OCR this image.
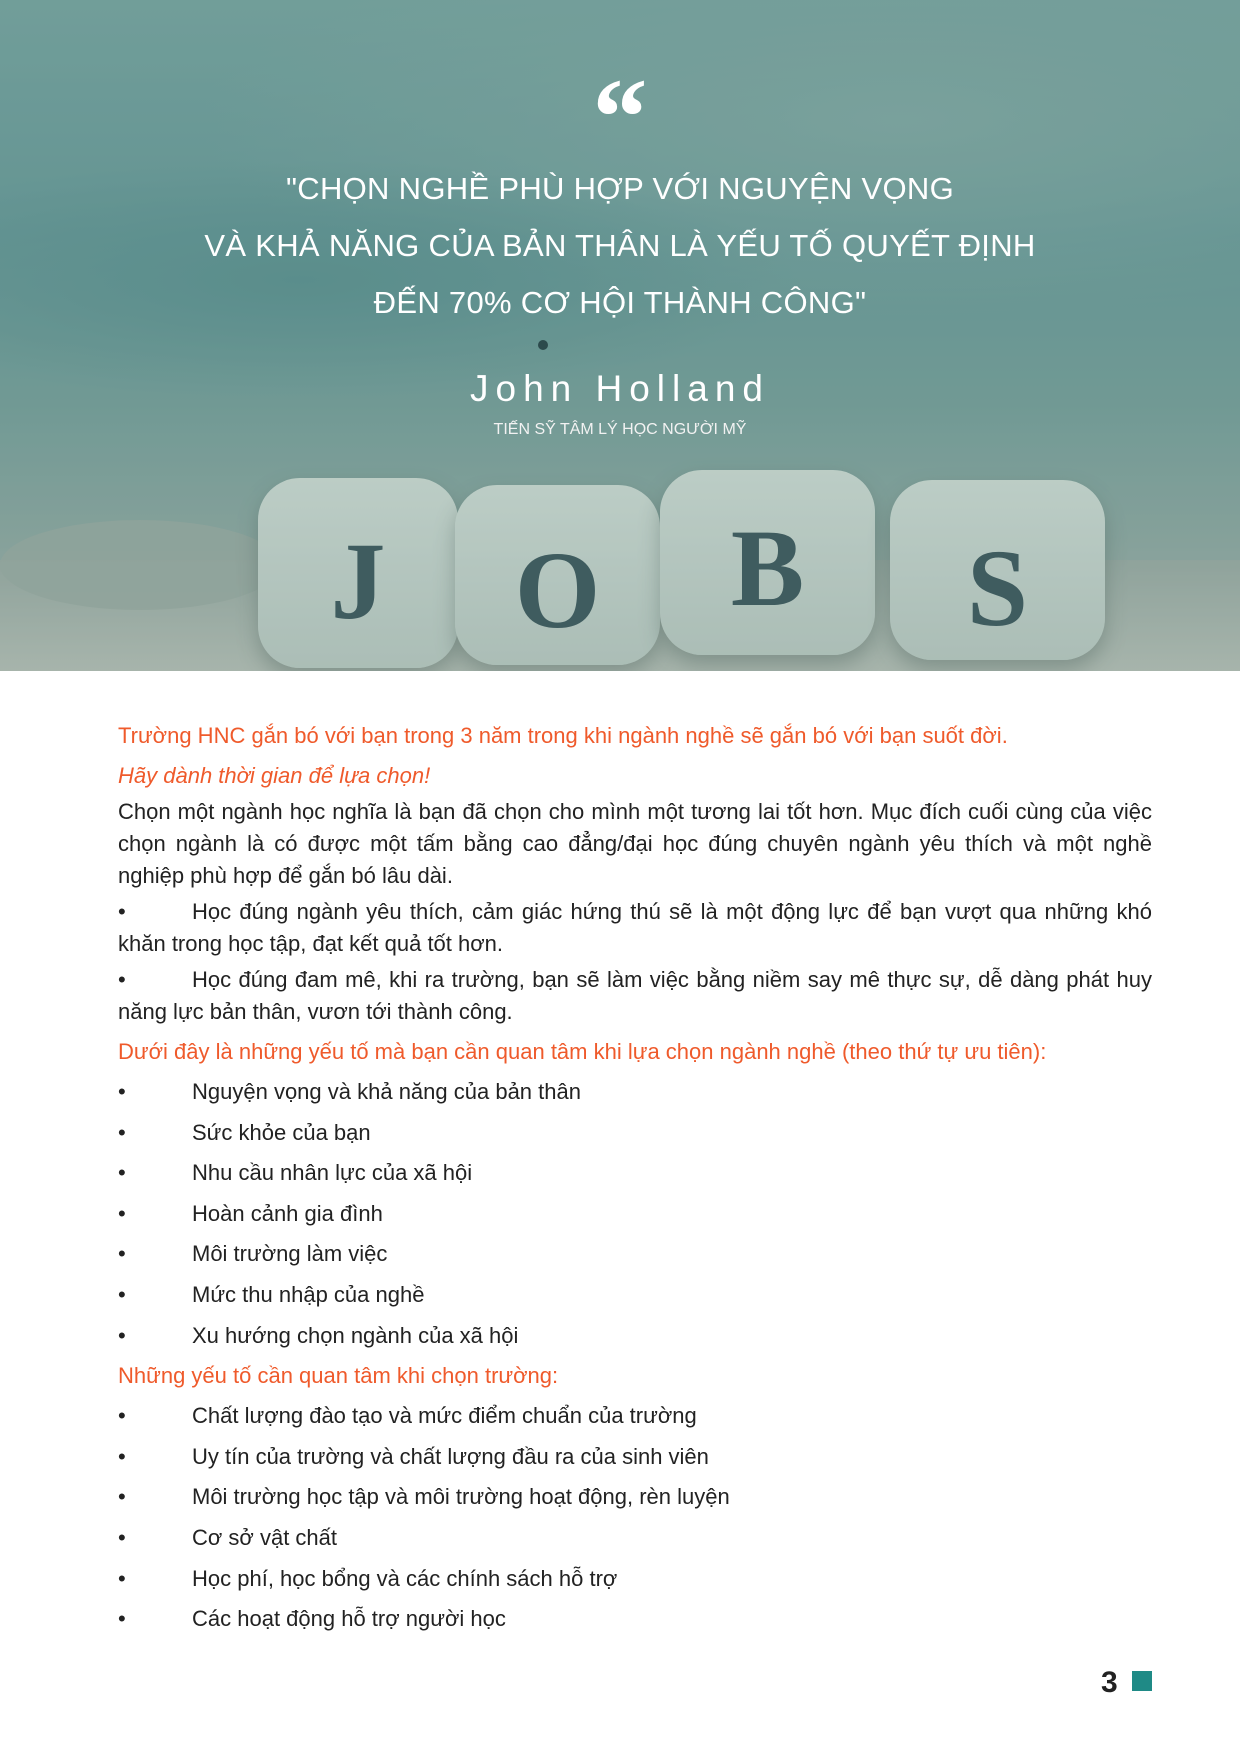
J	O	B	S
“
"CHỌN NGHỀ PHÙ HỢP VỚI NGUYỆN VỌNG
VÀ KHẢ NĂNG CỦA BẢN THÂN LÀ YẾU TỐ QUYẾT ĐỊNH
ĐẾN 70% CƠ HỘI THÀNH CÔNG"
John Holland
TIẾN SỸ TÂM LÝ HỌC NGƯỜI MỸ

Trường HNC gắn bó với bạn trong 3 năm trong khi ngành nghề sẽ gắn bó với bạn suốt đời.

Hãy dành thời gian để lựa chọn!

Chọn một ngành học nghĩa là bạn đã chọn cho mình một tương lai tốt hơn. Mục đích cuối cùng của việc chọn ngành là có được một tấm bằng cao đẳng/đại học đúng chuyên ngành yêu thích và một nghề nghiệp phù hợp để gắn bó lâu dài.

•	Học đúng ngành yêu thích, cảm giác hứng thú sẽ là một động lực để bạn vượt qua những khó khăn trong học tập, đạt kết quả tốt hơn.

•	Học đúng đam mê, khi ra trường, bạn sẽ làm việc bằng niềm say mê thực sự, dễ dàng phát huy năng lực bản thân, vươn tới thành công.

Dưới đây là những yếu tố mà bạn cần quan tâm khi lựa chọn ngành nghề (theo thứ tự ưu tiên):

•	Nguyện vọng và khả năng của bản thân
•	Sức khỏe của bạn
•	Nhu cầu nhân lực của xã hội
•	Hoàn cảnh gia đình
•	Môi trường làm việc
•	Mức thu nhập của nghề
•	Xu hướng chọn ngành của xã hội

Những yếu tố cần quan tâm khi chọn trường:

•	Chất lượng đào tạo và mức điểm chuẩn của trường
•	Uy tín của trường và chất lượng đầu ra của sinh viên
•	Môi trường học tập và môi trường hoạt động, rèn luyện
•	Cơ sở vật chất
•	Học phí, học bổng và các chính sách hỗ trợ
•	Các hoạt động hỗ trợ người học
3
